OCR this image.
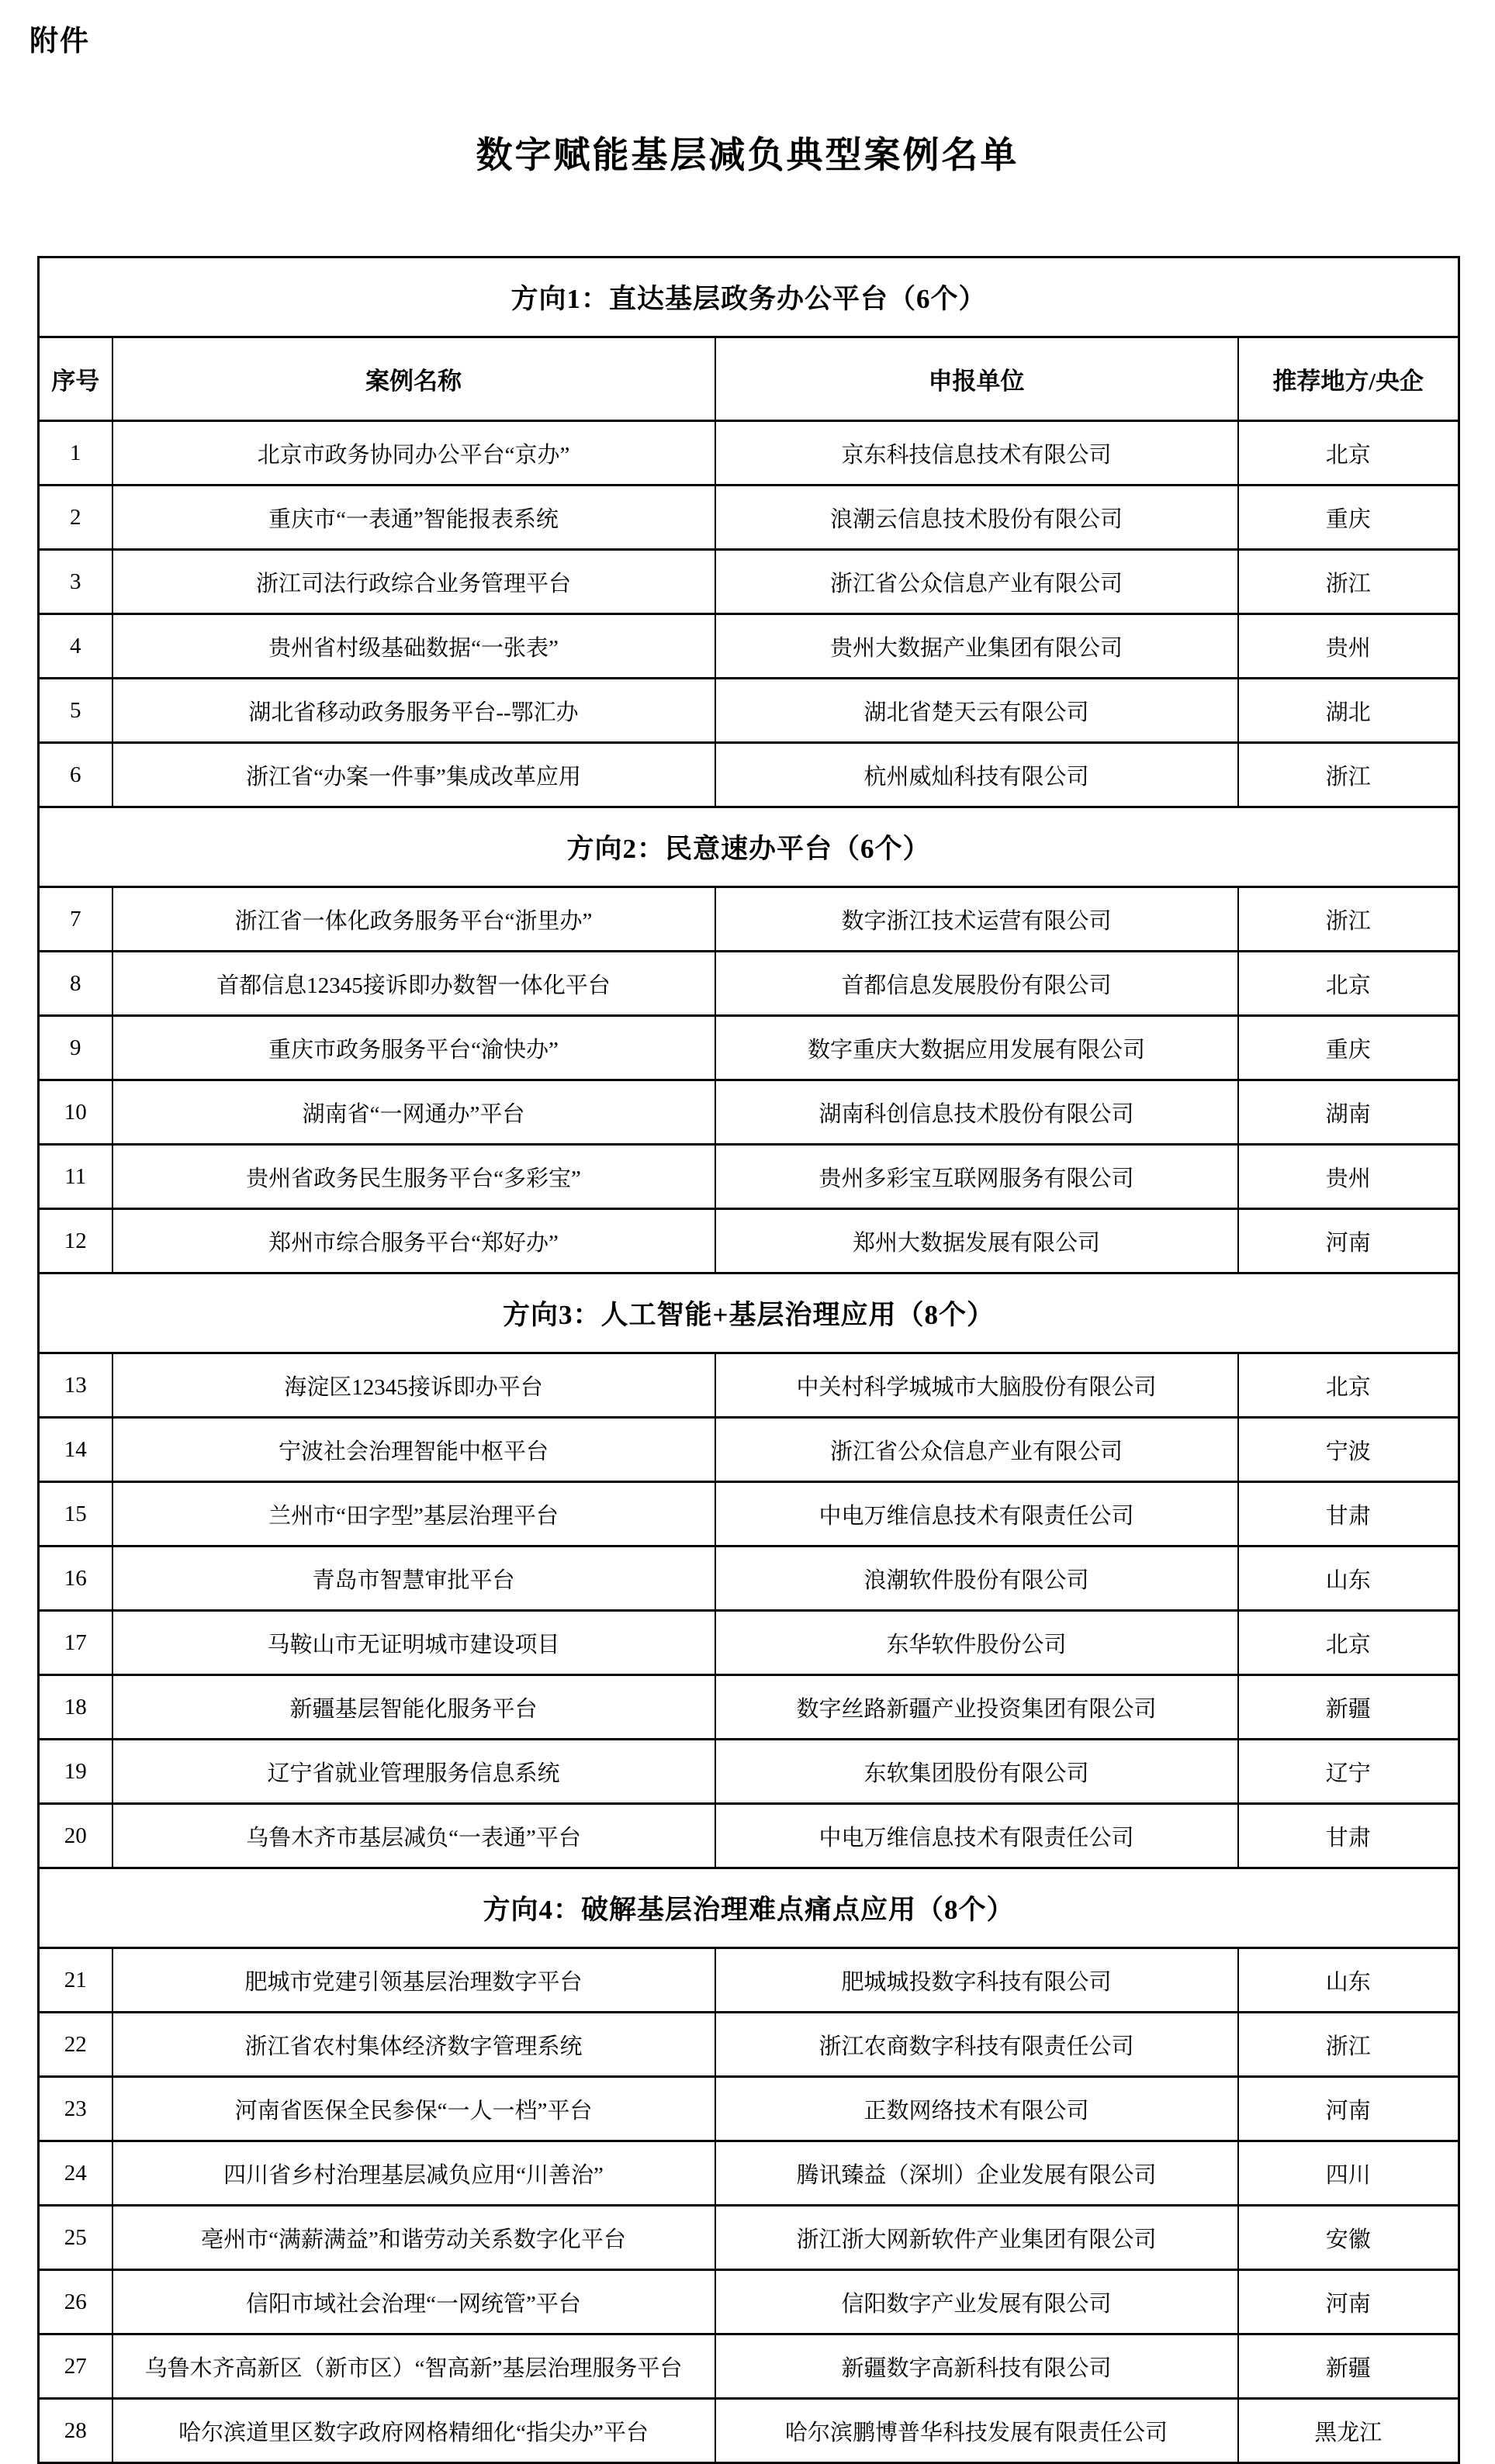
附件
数字赋能基层减负典型案例名单
方向1：直达基层政务办公平台（6个）			
序号	案例名称	申报单位	推荐地方/央企
1	北京市政务协同办公平台“京办”	京东科技信息技术有限公司	北京
2	重庆市“一表通”智能报表系统	浪潮云信息技术股份有限公司	重庆
3	浙江司法行政综合业务管理平台	浙江省公众信息产业有限公司	浙江
4	贵州省村级基础数据“一张表”	贵州大数据产业集团有限公司	贵州
5	湖北省移动政务服务平台--鄂汇办	湖北省楚天云有限公司	湖北
6	浙江省“办案一件事”集成改革应用	杭州威灿科技有限公司	浙江
方向2：民意速办平台（6个）			
7	浙江省一体化政务服务平台“浙里办”	数字浙江技术运营有限公司	浙江
8	首都信息12345接诉即办数智一体化平台	首都信息发展股份有限公司	北京
9	重庆市政务服务平台“渝快办”	数字重庆大数据应用发展有限公司	重庆
10	湖南省“一网通办”平台	湖南科创信息技术股份有限公司	湖南
11	贵州省政务民生服务平台“多彩宝”	贵州多彩宝互联网服务有限公司	贵州
12	郑州市综合服务平台“郑好办”	郑州大数据发展有限公司	河南
方向3：人工智能+基层治理应用（8个）			
13	海淀区12345接诉即办平台	中关村科学城城市大脑股份有限公司	北京
14	宁波社会治理智能中枢平台	浙江省公众信息产业有限公司	宁波
15	兰州市“田字型”基层治理平台	中电万维信息技术有限责任公司	甘肃
16	青岛市智慧审批平台	浪潮软件股份有限公司	山东
17	马鞍山市无证明城市建设项目	东华软件股份公司	北京
18	新疆基层智能化服务平台	数字丝路新疆产业投资集团有限公司	新疆
19	辽宁省就业管理服务信息系统	东软集团股份有限公司	辽宁
20	乌鲁木齐市基层减负“一表通”平台	中电万维信息技术有限责任公司	甘肃
方向4：破解基层治理难点痛点应用（8个）			
21	肥城市党建引领基层治理数字平台	肥城城投数字科技有限公司	山东
22	浙江省农村集体经济数字管理系统	浙江农商数字科技有限责任公司	浙江
23	河南省医保全民参保“一人一档”平台	正数网络技术有限公司	河南
24	四川省乡村治理基层减负应用“川善治”	腾讯臻益（深圳）企业发展有限公司	四川
25	亳州市“满薪满益”和谐劳动关系数字化平台	浙江浙大网新软件产业集团有限公司	安徽
26	信阳市域社会治理“一网统管”平台	信阳数字产业发展有限公司	河南
27	乌鲁木齐高新区（新市区）“智高新”基层治理服务平台	新疆数字高新科技有限公司	新疆
28	哈尔滨道里区数字政府网格精细化“指尖办”平台	哈尔滨鹏博普华科技发展有限责任公司	黑龙江
